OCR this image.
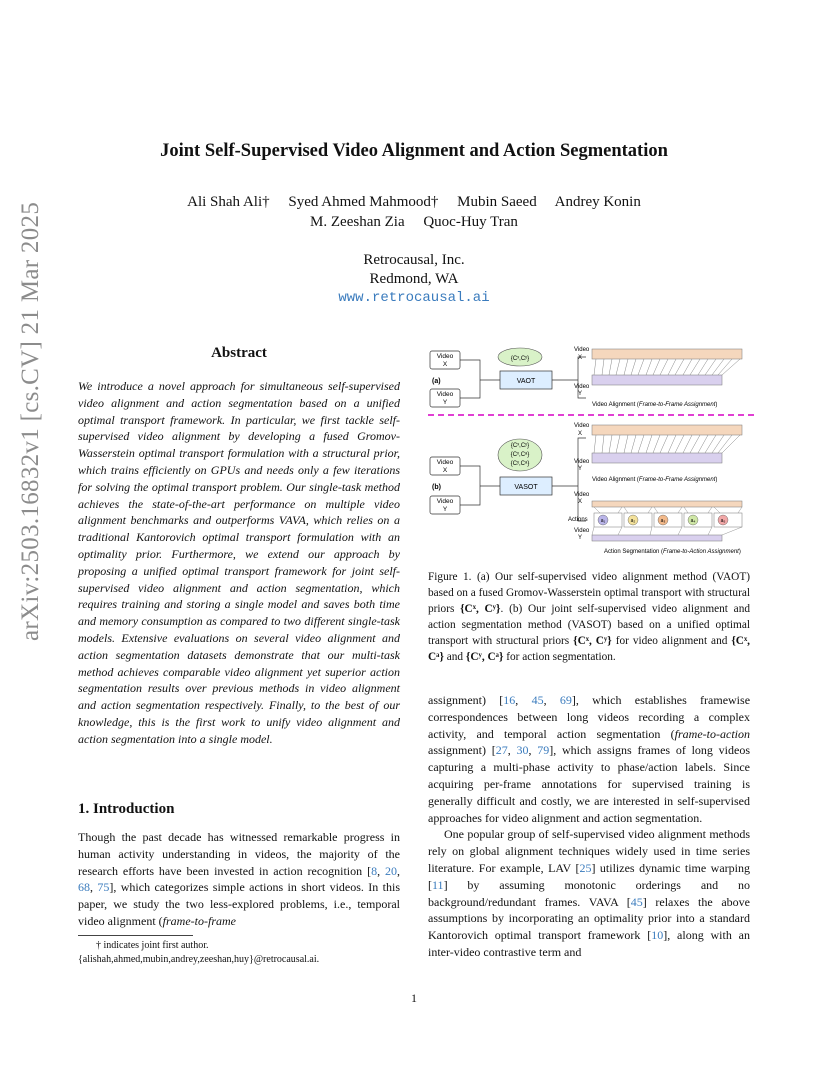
arXiv:2503.16832v1 [cs.CV] 21 Mar 2025
Joint Self-Supervised Video Alignment and Action Segmentation
Ali Shah Ali†     Syed Ahmed Mahmood†     Mubin Saeed     Andrey Konin
M. Zeeshan Zia     Quoc-Huy Tran
Retrocausal, Inc.
Redmond, WA
www.retrocausal.ai
Abstract
We introduce a novel approach for simultaneous self-supervised video alignment and action segmentation based on a unified optimal transport framework. In particular, we first tackle self-supervised video alignment by developing a fused Gromov-Wasserstein optimal transport formulation with a structural prior, which trains efficiently on GPUs and needs only a few iterations for solving the optimal transport problem. Our single-task method achieves the state-of-the-art performance on multiple video alignment benchmarks and outperforms VAVA, which relies on a traditional Kantorovich optimal transport formulation with an optimality prior. Furthermore, we extend our approach by proposing a unified optimal transport framework for joint self-supervised video alignment and action segmentation, which requires training and storing a single model and saves both time and memory consumption as compared to two different single-task models. Extensive evaluations on several video alignment and action segmentation datasets demonstrate that our multi-task method achieves comparable video alignment yet superior action segmentation results over previous methods in video alignment and action segmentation respectively. Finally, to the best of our knowledge, this is the first work to unify video alignment and action segmentation into a single model.
1. Introduction
Though the past decade has witnessed remarkable progress in human activity understanding in videos, the majority of the research efforts have been invested in action recognition [8, 20, 68, 75], which categorizes simple actions in short videos. In this paper, we study the two less-explored problems, i.e., temporal video alignment (frame-to-frame
† indicates joint first author.
{alishah,ahmed,mubin,andrey,zeeshan,huy}@retrocausal.ai.
Video
X
(a)
Video
Y
{Cˣ,Cʸ}
VAOT
Video
X
Video
Y
Video Alignment (Frame-to-Frame Assignment)
Video
X
(b)
Video
Y
{Cˣ,Cʸ}
{Cˣ,Cᵃ}
{Cʸ,Cᵃ}
VASOT
Video
X
Video
Y
Video Alignment (Frame-to-Frame Assignment)
Video
X
Actions	a₁	a₂	a₃	a₄	a₅
Video
Y
Action Segmentation (Frame-to-Action Assignment)
Figure 1. (a) Our self-supervised video alignment method (VAOT) based on a fused Gromov-Wasserstein optimal transport with structural priors {Cˣ, Cʸ}. (b) Our joint self-supervised video alignment and action segmentation method (VASOT) based on a unified optimal transport with structural priors {Cˣ, Cʸ} for video alignment and {Cˣ, Cᵃ} and {Cʸ, Cᵃ} for action segmentation.

assignment) [16, 45, 69], which establishes framewise correspondences between long videos recording a complex activity, and temporal action segmentation (frame-to-action assignment) [27, 30, 79], which assigns frames of long videos capturing a multi-phase activity to phase/action labels. Since acquiring per-frame annotations for supervised training is generally difficult and costly, we are interested in self-supervised approaches for video alignment and action segmentation.

One popular group of self-supervised video alignment methods rely on global alignment techniques widely used in time series literature. For example, LAV [25] utilizes dynamic time warping [11] by assuming monotonic orderings and no background/redundant frames. VAVA [45] relaxes the above assumptions by incorporating an optimality prior into a standard Kantorovich optimal transport framework [10], along with an inter-video contrastive term and

1
